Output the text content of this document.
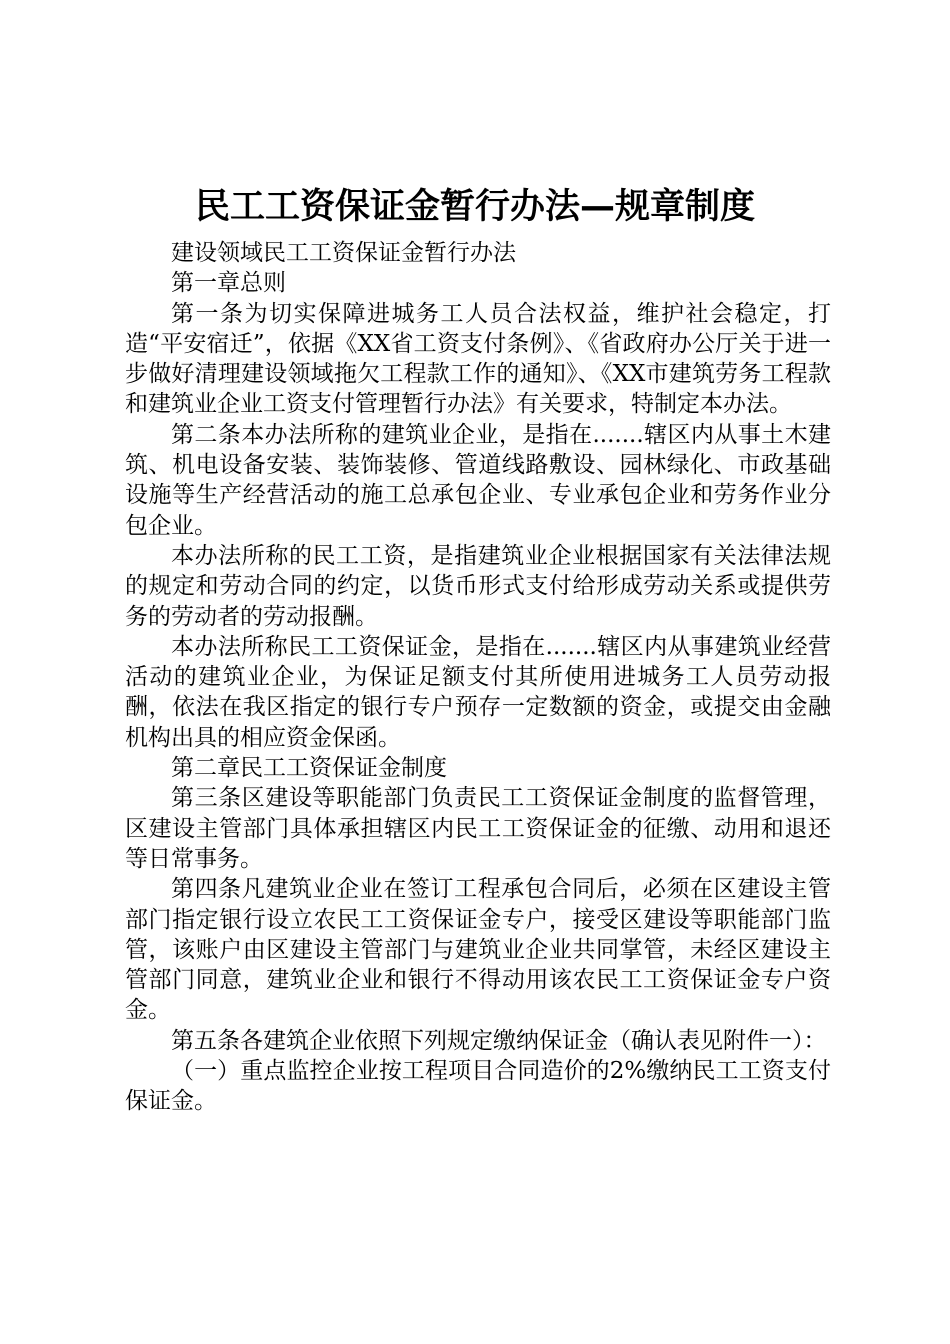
民工工资保证金暂行办法—规章制度

建设领域民工工资保证金暂行办法

第一章总则

第一条为切实保障进城务工人员合法权益，维护社会稳定，打造“平安宿迁”，依据《XX省工资支付条例》、《省政府办公厅关于进一步做好清理建设领域拖欠工程款工作的通知》、《XX市建筑劳务工程款和建筑业企业工资支付管理暂行办法》有关要求，特制定本办法。

第二条本办法所称的建筑业企业，是指在.......辖区内从事土木建筑、机电设备安装、装饰装修、管道线路敷设、园林绿化、市政基础设施等生产经营活动的施工总承包企业、专业承包企业和劳务作业分包企业。

本办法所称的民工工资，是指建筑业企业根据国家有关法律法规的规定和劳动合同的约定，以货币形式支付给形成劳动关系或提供劳务的劳动者的劳动报酬。

本办法所称民工工资保证金，是指在.......辖区内从事建筑业经营活动的建筑业企业，为保证足额支付其所使用进城务工人员劳动报酬，依法在我区指定的银行专户预存一定数额的资金，或提交由金融机构出具的相应资金保函。

第二章民工工资保证金制度

第三条区建设等职能部门负责民工工资保证金制度的监督管理，区建设主管部门具体承担辖区内民工工资保证金的征缴、动用和退还等日常事务。

第四条凡建筑业企业在签订工程承包合同后，必须在区建设主管部门指定银行设立农民工工资保证金专户，接受区建设等职能部门监管，该账户由区建设主管部门与建筑业企业共同掌管，未经区建设主管部门同意，建筑业企业和银行不得动用该农民工工资保证金专户资金。

第五条各建筑企业依照下列规定缴纳保证金（确认表见附件一）：

（一）重点监控企业按工程项目合同造价的2%缴纳民工工资支付保证金。
